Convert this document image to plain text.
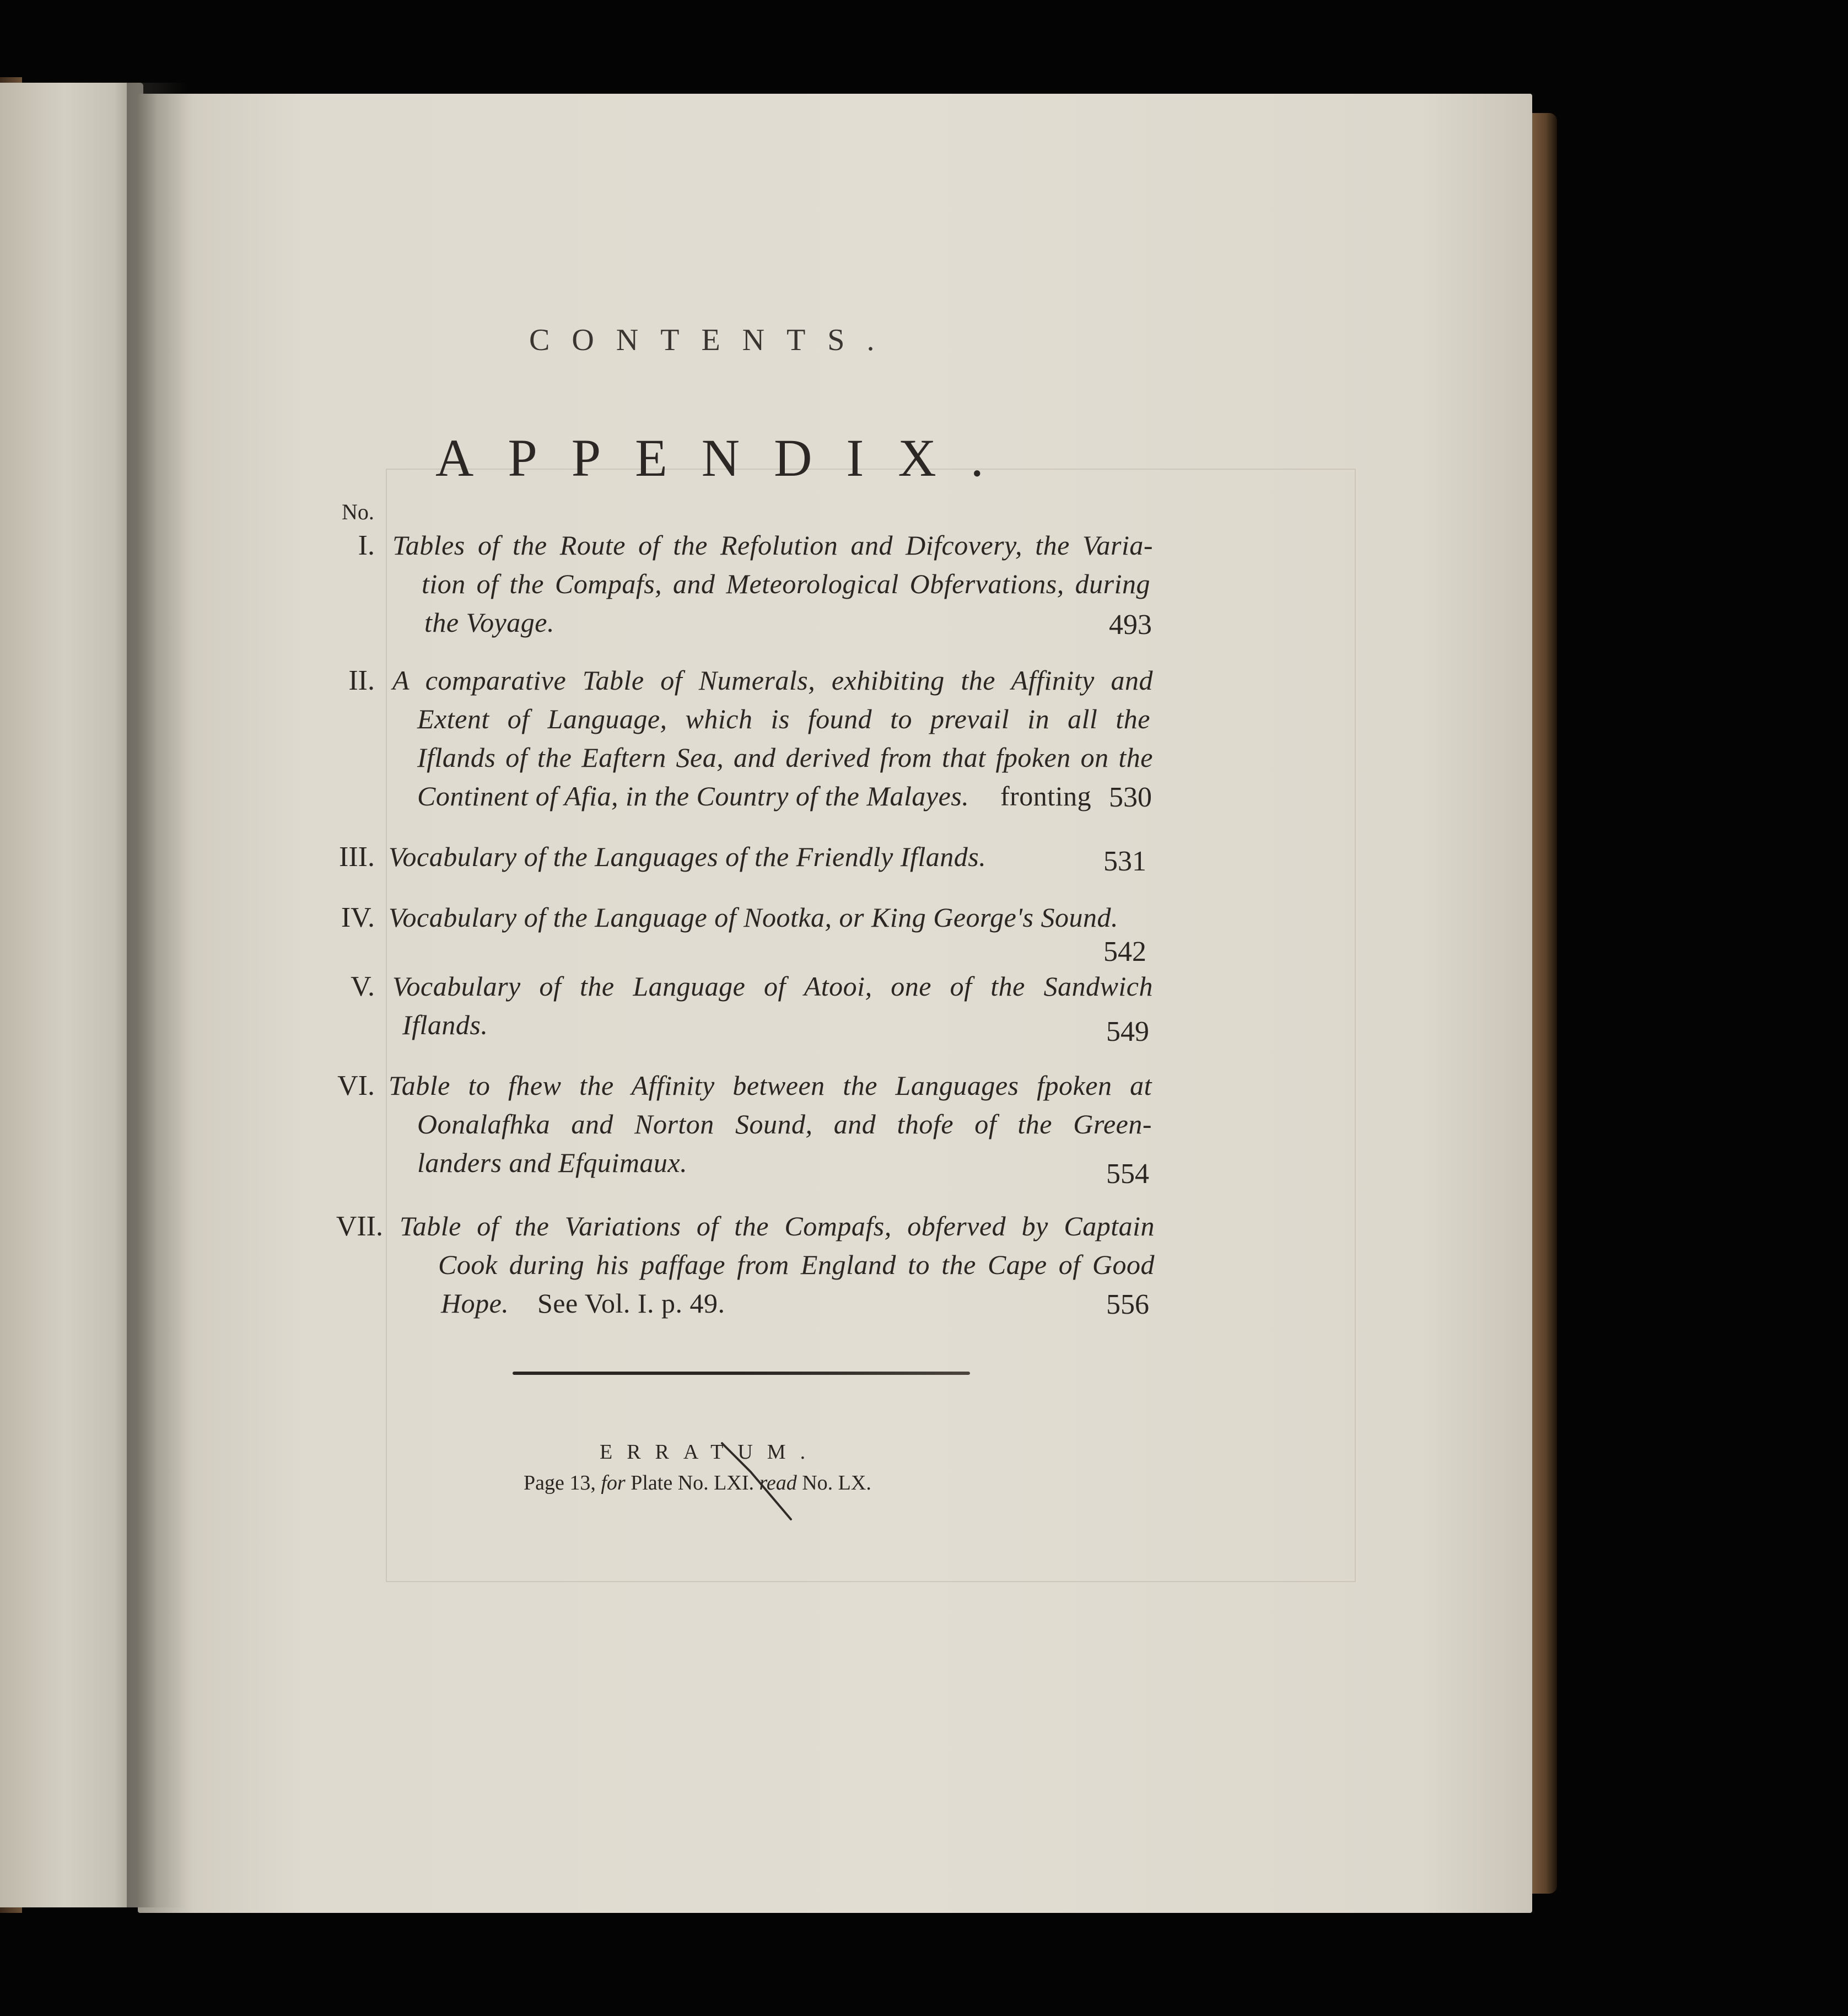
CONTENTS.
APPENDIX.
No.
I. Tables of the Route of the Refolution and Difcovery, the Varia-
tion of the Compafs, and Meteorological Obfervations, during
the Voyage.	493
II. A comparative Table of Numerals, exhibiting the Affinity and
Extent of Language, which is found to prevail in all the
Iflands of the Eaftern Sea, and derived from that fpoken on the
Continent of Afia, in the Country of the Malayes. fronting 530
III. Vocabulary of the Languages of the Friendly Iflands.	531
IV. Vocabulary of the Language of Nootka, or King George's Sound.
542
V. Vocabulary of the Language of Atooi, one of the Sandwich
Iflands.	549
VI. Table to fhew the Affinity between the Languages fpoken at
Oonalafhka and Norton Sound, and thofe of the Green-
landers and Efquimaux.	554
VII. Table of the Variations of the Compafs, obferved by Captain
Cook during his paffage from England to the Cape of Good
Hope. See Vol. I. p. 49.	556
ERRATUM.
Page 13, for Plate No. LXI. read No. LX.
